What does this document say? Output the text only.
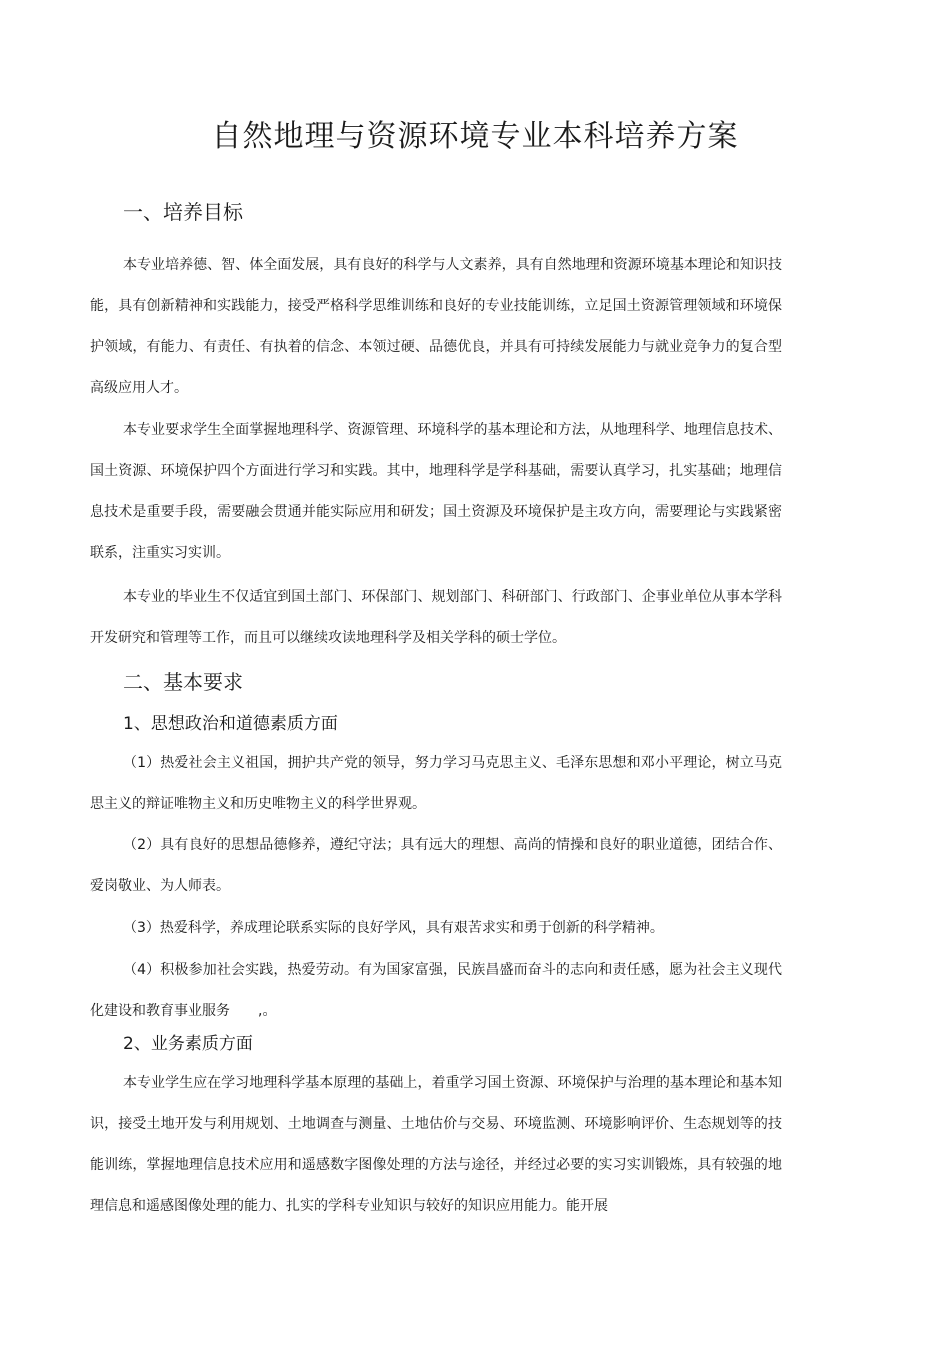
自然地理与资源环境专业本科培养方案
一、培养目标

本专业培养德、智、体全面发展，具有良好的科学与人文素养，具有自然地理和资源环境基本理论和知识技能，具有创新精神和实践能力，接受严格科学思维训练和良好的专业技能训练，立足国土资源管理领域和环境保护领域，有能力、有责任、有执着的信念、本领过硬、品德优良，并具有可持续发展能力与就业竞争力的复合型高级应用人才。

本专业要求学生全面掌握地理科学、资源管理、环境科学的基本理论和方法，从地理科学、地理信息技术、国土资源、环境保护四个方面进行学习和实践。其中，地理科学是学科基础，需要认真学习，扎实基础；地理信息技术是重要手段，需要融会贯通并能实际应用和研发；国土资源及环境保护是主攻方向，需要理论与实践紧密联系，注重实习实训。

本专业的毕业生不仅适宜到国土部门、环保部门、规划部门、科研部门、行政部门、企事业单位从事本学科开发研究和管理等工作，而且可以继续攻读地理科学及相关学科的硕士学位。

二、基本要求
1、思想政治和道德素质方面

（1）热爱社会主义祖国，拥护共产党的领导，努力学习马克思主义、毛泽东思想和邓小平理论，树立马克思主义的辩证唯物主义和历史唯物主义的科学世界观。

（2）具有良好的思想品德修养，遵纪守法；具有远大的理想、高尚的情操和良好的职业道德，团结合作、爱岗敬业、为人师表。

（3）热爱科学，养成理论联系实际的良好学风，具有艰苦求实和勇于创新的科学精神。

（4）积极参加社会实践，热爱劳动。有为国家富强，民族昌盛而奋斗的志向和责任感，愿为社会主义现代化建设和教育事业服务　　,。

2、业务素质方面

本专业学生应在学习地理科学基本原理的基础上，着重学习国土资源、环境保护与治理的基本理论和基本知识，接受土地开发与利用规划、土地调查与测量、土地估价与交易、环境监测、环境影响评价、生态规划等的技能训练，掌握地理信息技术应用和遥感数字图像处理的方法与途径，并经过必要的实习实训锻炼，具有较强的地理信息和遥感图像处理的能力、扎实的学科专业知识与较好的知识应用能力。能开展
